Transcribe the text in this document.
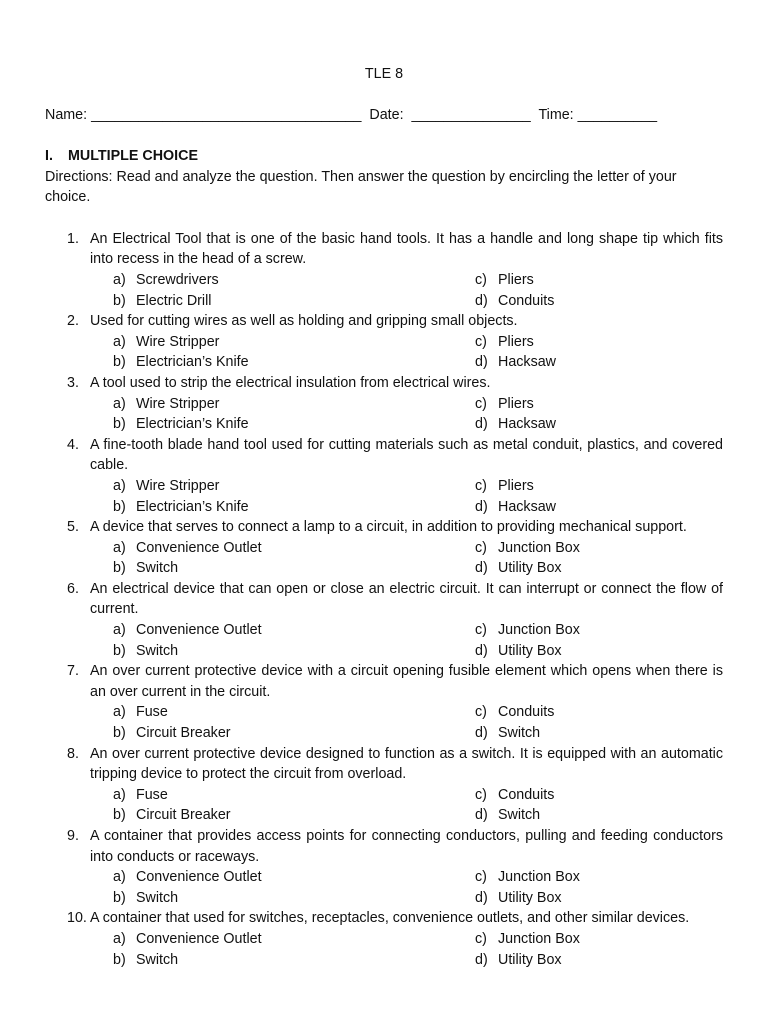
TLE 8
Name: __________________________________  Date:  _______________  Time: __________
I. MULTIPLE CHOICE

Directions: Read and analyze the question. Then answer the question by encircling the letter of your choice.

1. An Electrical Tool that is one of the basic hand tools. It has a handle and long shape tip which fits into recess in the head of a screw.
a) Screwdrivers	c) Pliers
b) Electric Drill	d) Conduits
2. Used for cutting wires as well as holding and gripping small objects.
a) Wire Stripper	c) Pliers
b) Electrician’s Knife	d) Hacksaw
3. A tool used to strip the electrical insulation from electrical wires.
a) Wire Stripper	c) Pliers
b) Electrician’s Knife	d) Hacksaw
4. A fine-tooth blade hand tool used for cutting materials such as metal conduit, plastics, and covered cable.
a) Wire Stripper	c) Pliers
b) Electrician’s Knife	d) Hacksaw
5. A device that serves to connect a lamp to a circuit, in addition to providing mechanical support.
a) Convenience Outlet	c) Junction Box
b) Switch	d) Utility Box
6. An electrical device that can open or close an electric circuit. It can interrupt or connect the flow of current.
a) Convenience Outlet	c) Junction Box
b) Switch	d) Utility Box
7. An over current protective device with a circuit opening fusible element which opens when there is an over current in the circuit.
a) Fuse	c) Conduits
b) Circuit Breaker	d) Switch
8. An over current protective device designed to function as a switch. It is equipped with an automatic tripping device to protect the circuit from overload.
a) Fuse	c) Conduits
b) Circuit Breaker	d) Switch
9. A container that provides access points for connecting conductors, pulling and feeding conductors into conducts or raceways.
a) Convenience Outlet	c) Junction Box
b) Switch	d) Utility Box
10. A container that used for switches, receptacles, convenience outlets, and other similar devices.
a) Convenience Outlet	c) Junction Box
b) Switch	d) Utility Box
